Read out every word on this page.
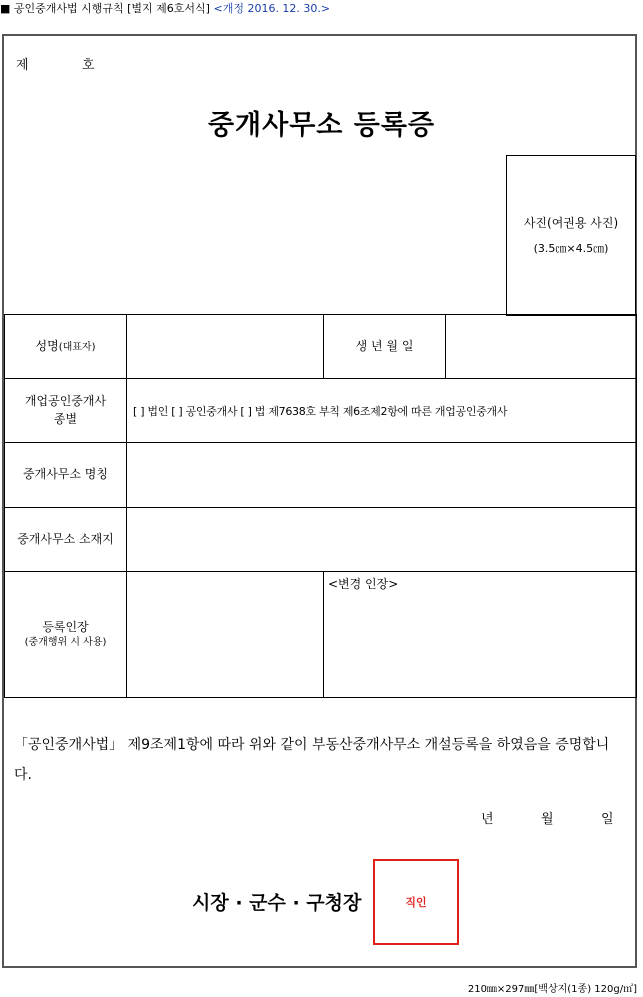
■ 공인중개사법 시행규칙 [별지 제6호서식] <개정 2016. 12. 30.>
제	호
중개사무소 등록증
사진(여권용 사진)
(3.5㎝×4.5㎝)
성명(대표자)		생 년 월 일	

개업공인중개사
종별	[ ] 법인 [ ] 공인중개사 [ ] 법 제7638호 부칙 제6조제2항에 따른 개업공인중개사		
중개사무소 명칭			
중개사무소 소재지			

등록인장
(중개행위 시 사용)		<변경 인장>	
「공인중개사법」 제9조제1항에 따라 위와 같이 부동산중개사무소 개설등록을 하였음을 증명합니다.
년	월	일
시장 · 군수 · 구청장	직인
210㎜×297㎜[백상지(1종) 120g/㎡]
